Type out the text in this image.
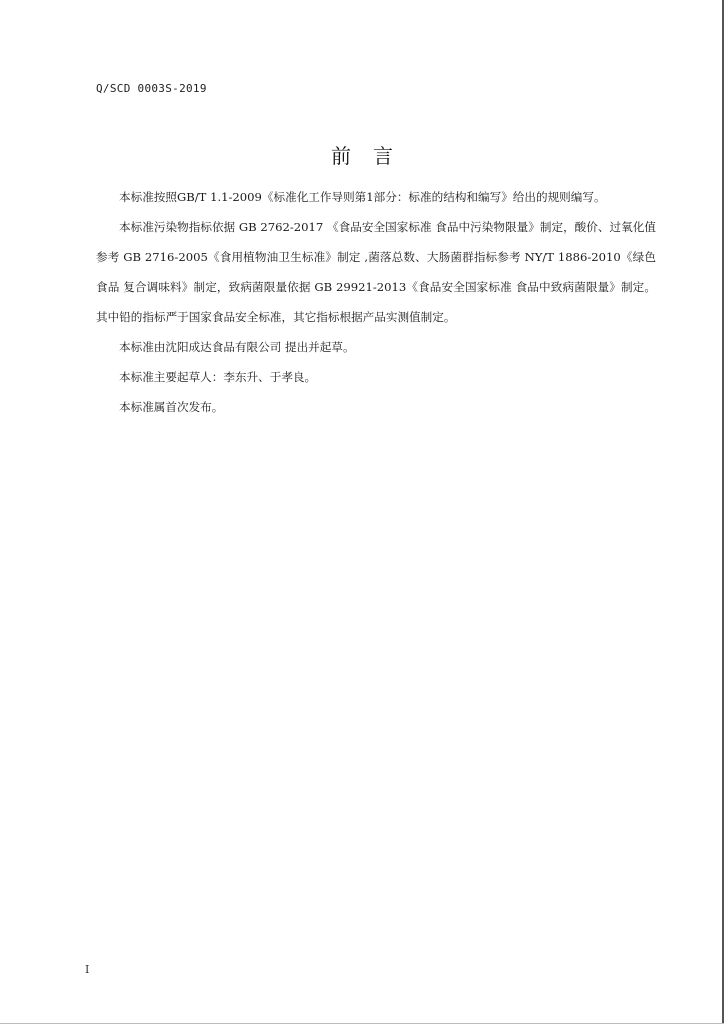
Q/SCD 0003S-2019
前言

本标准按照GB/T 1.1-2009《标准化工作导则第1部分：标准的结构和编写》给出的规则编写。

本标准污染物指标依据 GB 2762-2017 《食品安全国家标准 食品中污染物限量》制定，酸价、过氧化值参考 GB 2716-2005《食用植物油卫生标准》制定 ,菌落总数、大肠菌群指标参考 NY/T 1886-2010《绿色食品 复合调味料》制定，致病菌限量依据 GB 29921-2013《食品安全国家标准 食品中致病菌限量》制定。其中铅的指标严于国家食品安全标准，其它指标根据产品实测值制定。

本标准由沈阳成达食品有限公司 提出并起草。

本标准主要起草人：李东升、于孝良。

本标准属首次发布。

I
